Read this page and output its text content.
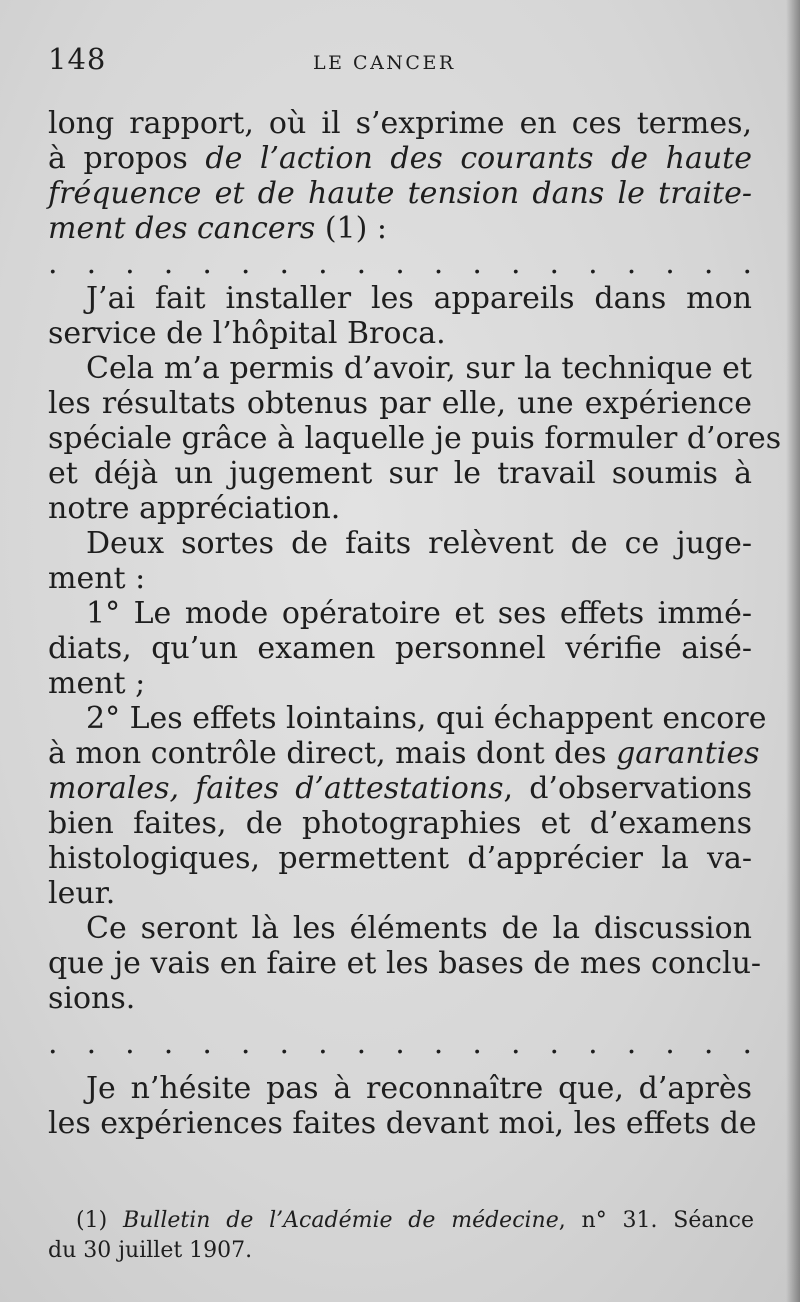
148	LE CANCER
long rapport, où il s’exprime en ces termes,
à propos de l’action des courants de haute
fréquence et de haute tension dans le traite-
ment des cancers (1) :
. . . . . . . . . . . . . . . . . . .
J’ai fait installer les appareils dans mon
service de l’hôpital Broca.
Cela m’a permis d’avoir, sur la technique et
les résultats obtenus par elle, une expérience
spéciale grâce à laquelle je puis formuler d’ores
et déjà un jugement sur le travail soumis à
notre appréciation.
Deux sortes de faits relèvent de ce juge-
ment :
1° Le mode opératoire et ses effets immé-
diats, qu’un examen personnel vérifie aisé-
ment ;
2° Les effets lointains, qui échappent encore
à mon contrôle direct, mais dont des garanties
morales, faites d’attestations, d’observations
bien faites, de photographies et d’examens
histologiques, permettent d’apprécier la va-
leur.
Ce seront là les éléments de la discussion
que je vais en faire et les bases de mes conclu-
sions.
. . . . . . . . . . . . . . . . . . .
Je n’hésite pas à reconnaître que, d’après
les expériences faites devant moi, les effets de
(1) Bulletin de l’Académie de médecine, n° 31. Séance
du 30 juillet 1907.
